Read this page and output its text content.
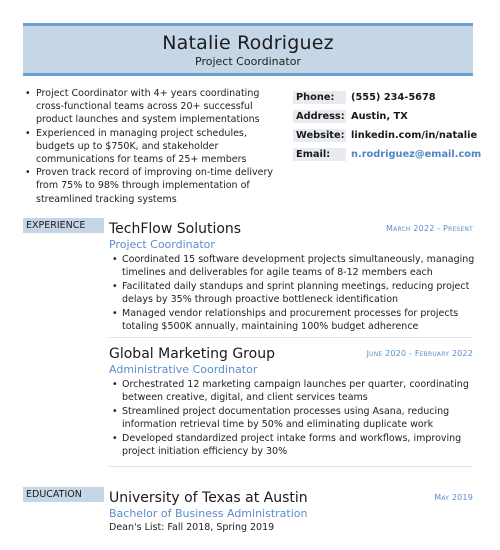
Natalie Rodriguez
Project Coordinator
• Project Coordinator with 4+ years coordinating cross-functional teams across 20+ successful product launches and system implementations
• Experienced in managing project schedules, budgets up to $750K, and stakeholder communications for teams of 25+ members
• Proven track record of improving on-time delivery from 75% to 98% through implementation of streamlined tracking systems
Phone:	(555) 234-5678
Address: Austin, TX
Website: linkedin.com/in/natalie
Email:	n.rodriguez@email.com
EXPERIENCE	TechFlow Solutions	March 2022 - Present
Project Coordinator
• Coordinated 15 software development projects simultaneously, managing timelines and deliverables for agile teams of 8-12 members each
• Facilitated daily standups and sprint planning meetings, reducing project delays by 35% through proactive bottleneck identification
• Managed vendor relationships and procurement processes for projects totaling $500K annually, maintaining 100% budget adherence
Global Marketing Group	June 2020 - February 2022
Administrative Coordinator
• Orchestrated 12 marketing campaign launches per quarter, coordinating between creative, digital, and client services teams
• Streamlined project documentation processes using Asana, reducing information retrieval time by 50% and eliminating duplicate work
• Developed standardized project intake forms and workflows, improving project initiation efficiency by 30%
EDUCATION	University of Texas at Austin	May 2019
Bachelor of Business Administration
Dean's List: Fall 2018, Spring 2019
